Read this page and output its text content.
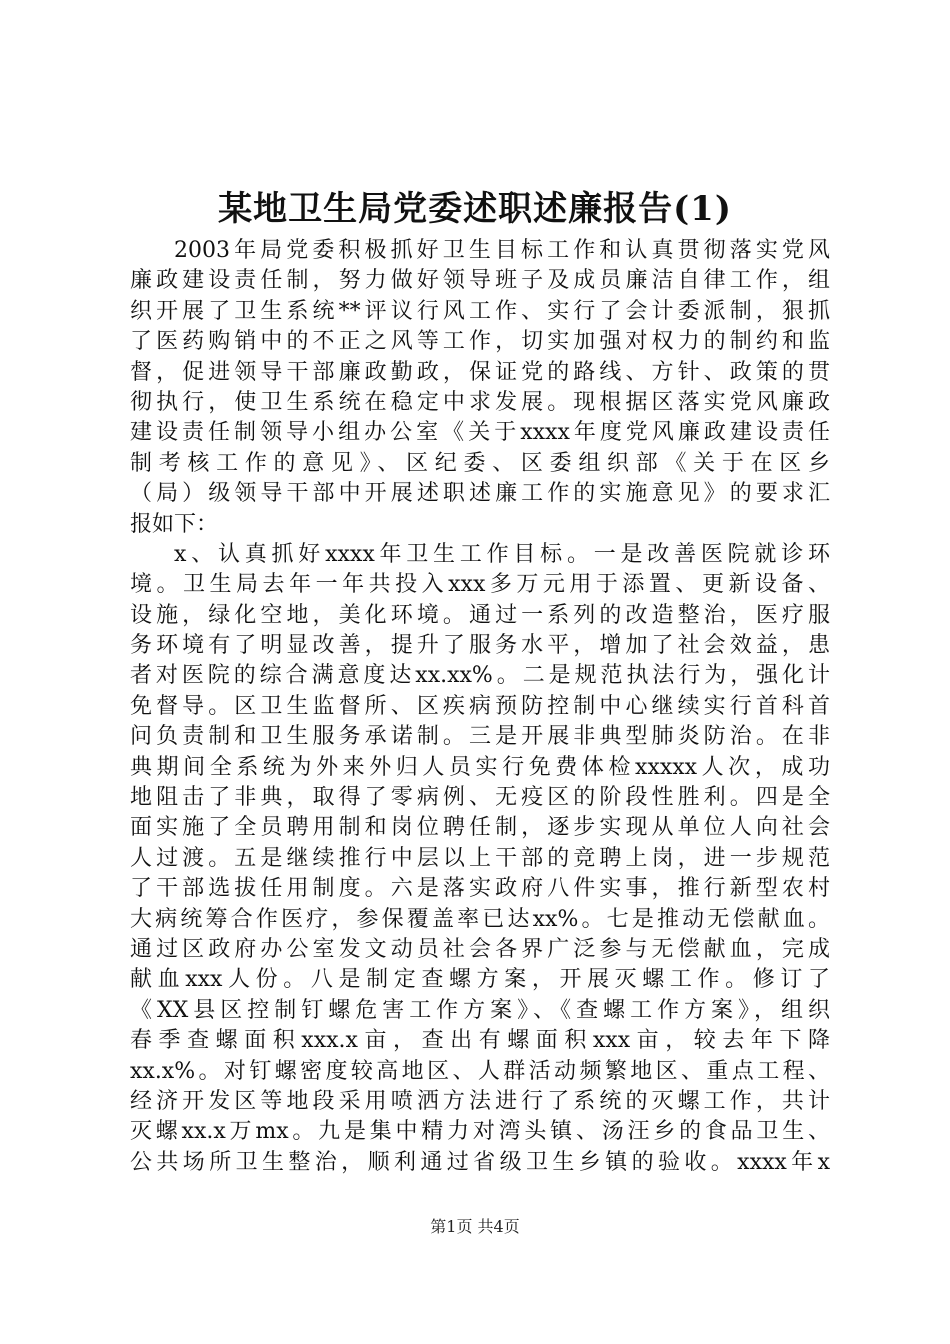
某地卫生局党委述职述廉报告(1)
2003年局党委积极抓好卫生目标工作和认真贯彻落实党风
廉政建设责任制，努力做好领导班子及成员廉洁自律工作，组
织开展了卫生系统**评议行风工作、实行了会计委派制，狠抓
了医药购销中的不正之风等工作，切实加强对权力的制约和监
督，促进领导干部廉政勤政，保证党的路线、方针、政策的贯
彻执行，使卫生系统在稳定中求发展。现根据区落实党风廉政
建设责任制领导小组办公室《关于xxxx年度党风廉政建设责任
制考核工作的意见》、区纪委、区委组织部《关于在区乡
（局）级领导干部中开展述职述廉工作的实施意见》的要求汇
报如下：
x、认真抓好xxxx年卫生工作目标。一是改善医院就诊环
境。卫生局去年一年共投入xxx多万元用于添置、更新设备、
设施，绿化空地，美化环境。通过一系列的改造整治，医疗服
务环境有了明显改善，提升了服务水平，增加了社会效益，患
者对医院的综合满意度达xx.xx%。二是规范执法行为，强化计
免督导。区卫生监督所、区疾病预防控制中心继续实行首科首
问负责制和卫生服务承诺制。三是开展非典型肺炎防治。在非
典期间全系统为外来外归人员实行免费体检xxxxx人次，成功
地阻击了非典，取得了零病例、无疫区的阶段性胜利。四是全
面实施了全员聘用制和岗位聘任制，逐步实现从单位人向社会
人过渡。五是继续推行中层以上干部的竞聘上岗，进一步规范
了干部选拔任用制度。六是落实政府八件实事，推行新型农村
大病统筹合作医疗，参保覆盖率已达xx%。七是推动无偿献血。
通过区政府办公室发文动员社会各界广泛参与无偿献血，完成
献血xxx人份。八是制定查螺方案，开展灭螺工作。修订了
《XX县区控制钉螺危害工作方案》、《查螺工作方案》，组织
春季查螺面积xxx.x亩，查出有螺面积xxx亩，较去年下降
xx.x%。对钉螺密度较高地区、人群活动频繁地区、重点工程、
经济开发区等地段采用喷洒方法进行了系统的灭螺工作，共计
灭螺xx.x万mx。九是集中精力对湾头镇、汤汪乡的食品卫生、
公共场所卫生整治，顺利通过省级卫生乡镇的验收。xxxx年x
第1页 共4页
